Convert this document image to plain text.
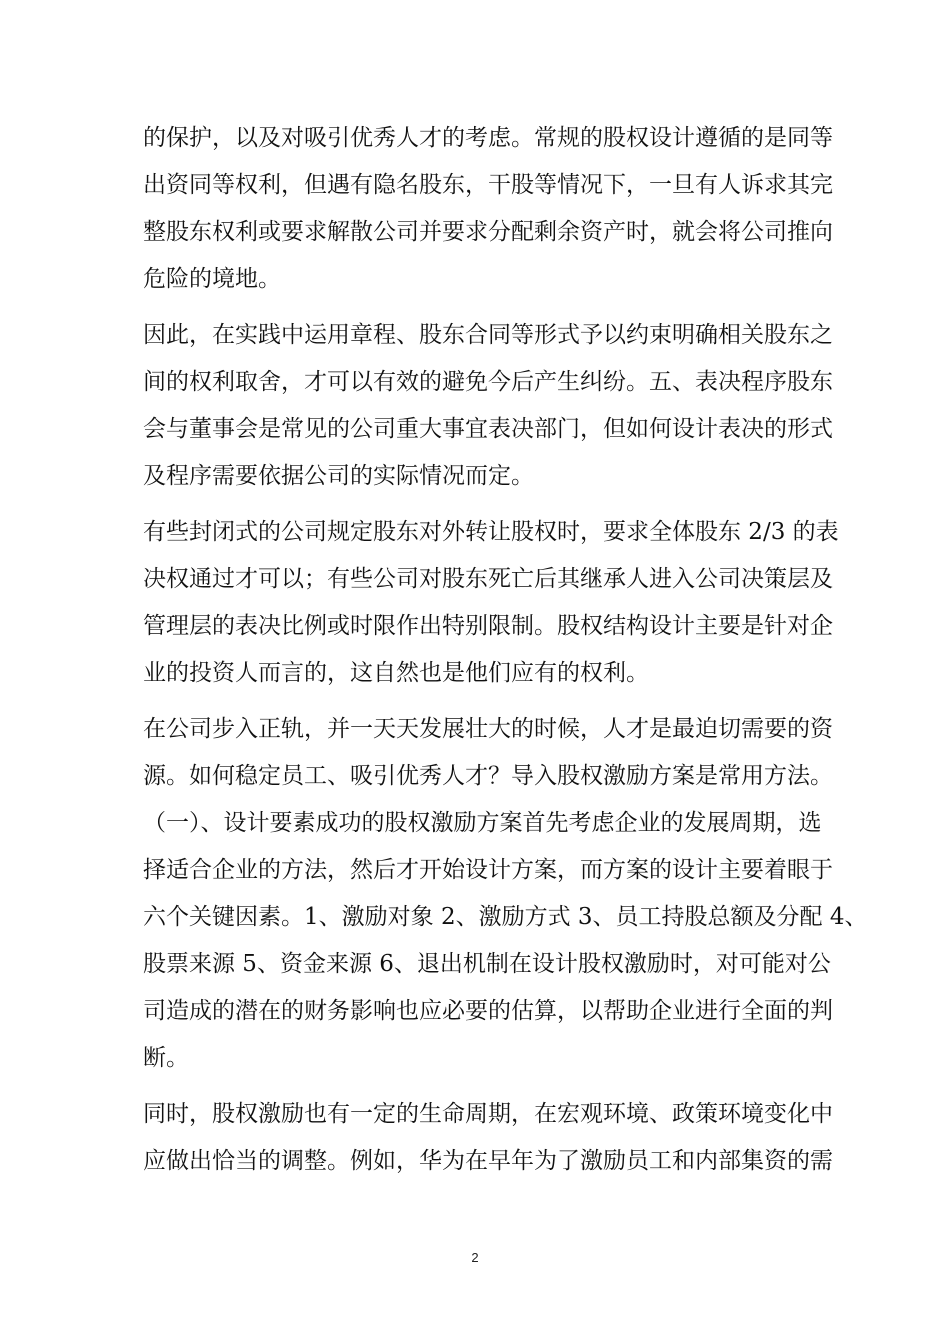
的保护，以及对吸引优秀人才的考虑。常规的股权设计遵循的是同等

出资同等权利，但遇有隐名股东，干股等情况下，一旦有人诉求其完

整股东权利或要求解散公司并要求分配剩余资产时，就会将公司推向

危险的境地。

因此，在实践中运用章程、股东合同等形式予以约束明确相关股东之

间的权利取舍，才可以有效的避免今后产生纠纷。五、表决程序股东

会与董事会是常见的公司重大事宜表决部门，但如何设计表决的形式

及程序需要依据公司的实际情况而定。

有些封闭式的公司规定股东对外转让股权时，要求全体股东 2/3 的表

决权通过才可以；有些公司对股东死亡后其继承人进入公司决策层及

管理层的表决比例或时限作出特别限制。股权结构设计主要是针对企

业的投资人而言的，这自然也是他们应有的权利。

在公司步入正轨，并一天天发展壮大的时候，人才是最迫切需要的资

源。如何稳定员工、吸引优秀人才？导入股权激励方案是常用方法。

（一）、设计要素成功的股权激励方案首先考虑企业的发展周期，选

择适合企业的方法，然后才开始设计方案，而方案的设计主要着眼于

六个关键因素。1、激励对象 2、激励方式 3、员工持股总额及分配 4、

股票来源 5、资金来源 6、退出机制在设计股权激励时，对可能对公

司造成的潜在的财务影响也应必要的估算，以帮助企业进行全面的判

断。

同时，股权激励也有一定的生命周期，在宏观环境、政策环境变化中

应做出恰当的调整。例如，华为在早年为了激励员工和内部集资的需

2
